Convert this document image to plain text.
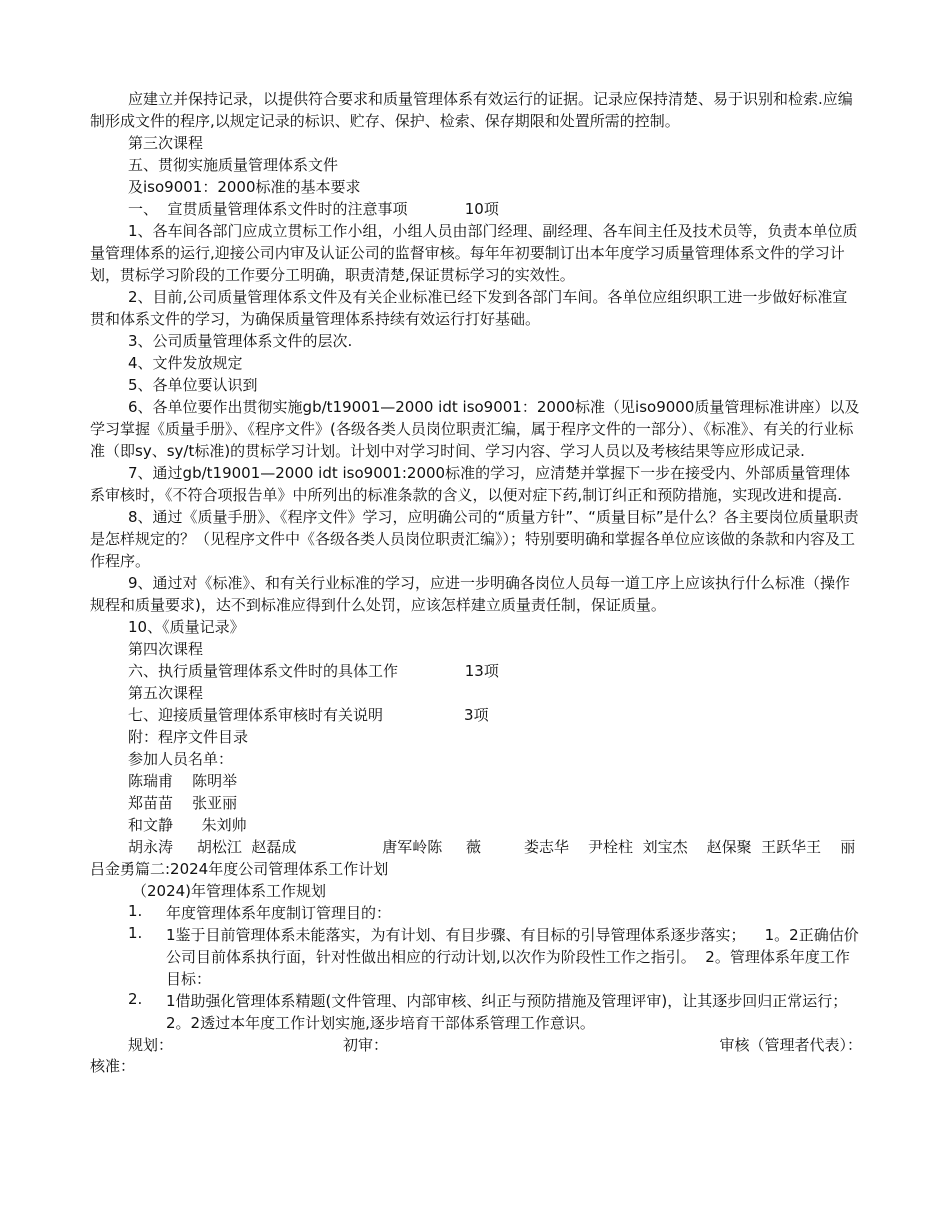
应建立并保持记录，以提供符合要求和质量管理体系有效运行的证据。记录应保持清楚、易于识别和检索.应编制形成文件的程序,以规定记录的标识、贮存、保护、检索、保存期限和处置所需的控制。

第三次课程

五、贯彻实施质量管理体系文件

及iso9001：2000标准的基本要求

一、  宣贯质量管理体系文件时的注意事项            10项

1、各车间各部门应成立贯标工作小组，小组人员由部门经理、副经理、各车间主任及技术员等，负责本单位质量管理体系的运行,迎接公司内审及认证公司的监督审核。每年年初要制订出本年度学习质量管理体系文件的学习计划，贯标学习阶段的工作要分工明确，职责清楚,保证贯标学习的实效性。

2、目前,公司质量管理体系文件及有关企业标准已经下发到各部门车间。各单位应组织职工进一步做好标准宣贯和体系文件的学习，为确保质量管理体系持续有效运行打好基础。

3、公司质量管理体系文件的层次.

4、文件发放规定

5、各单位要认识到

6、各单位要作出贯彻实施gb/t19001—2000 idt iso9001：2000标准（见iso9000质量管理标准讲座）以及学习掌握《质量手册》、《程序文件》(各级各类人员岗位职责汇编，属于程序文件的一部分）、《标准》、有关的行业标准（即sy、sy/t标准)的贯标学习计划。计划中对学习时间、学习内容、学习人员以及考核结果等应形成记录.

7、通过gb/t19001—2000 idt iso9001:2000标准的学习，应清楚并掌握下一步在接受内、外部质量管理体系审核时，《不符合项报告单》中所列出的标准条款的含义，以便对症下药,制订纠正和预防措施，实现改进和提高.

8、通过《质量手册》、《程序文件》学习，应明确公司的“质量方针”、“质量目标”是什么？各主要岗位质量职责是怎样规定的？（见程序文件中《各级各类人员岗位职责汇编》）；特别要明确和掌握各单位应该做的条款和内容及工作程序。

9、通过对《标准》、和有关行业标准的学习，应进一步明确各岗位人员每一道工序上应该执行什么标准（操作规程和质量要求)，达不到标准应得到什么处罚，应该怎样建立质量责任制，保证质量。

10、《质量记录》

第四次课程

六、执行质量管理体系文件时的具体工作              13项

第五次课程

七、迎接质量管理体系审核时有关说明                 3项

附：程序文件目录

参加人员名单：

陈瑞甫    陈明举

郑苗苗    张亚丽

和文静      朱刘帅

胡永涛     胡松江  赵磊成                  唐军岭陈     薇         娄志华    尹栓柱  刘宝杰    赵保聚  王跃华王    丽                 吕金勇篇二:2024年度公司管理体系工作计划

（2024)年管理体系工作规划

1.	年度管理体系年度制订管理目的：

1.	1鉴于目前管理体系未能落实，为有计划、有目步骤、有目标的引导管理体系逐步落实；    1。2正确估价公司目前体系执行面，针对性做出相应的行动计划,以次作为阶段性工作之指引。  2。管理体系年度工作目标：

2.	1借助强化管理体系精题(文件管理、内部审核、纠正与预防措施及管理评审)，让其逐步回归正常运行；  2。2透过本年度工作计划实施,逐步培育干部体系管理工作意识。

规划：	初审：	审核（管理者代表）：

核准：
